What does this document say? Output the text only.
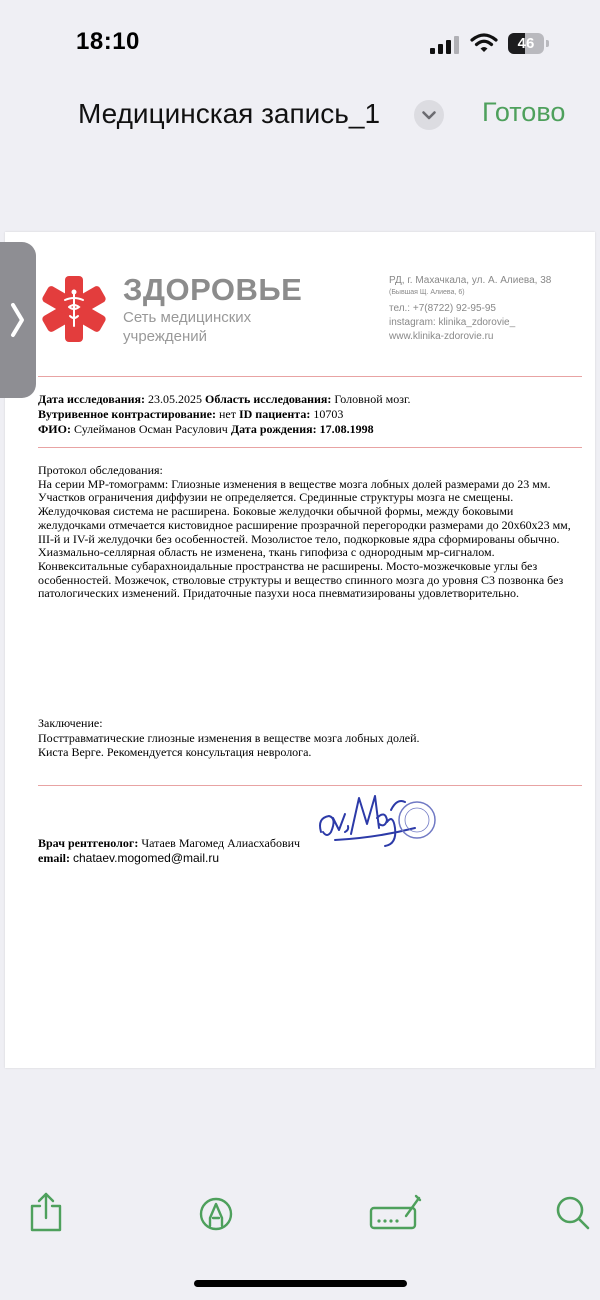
18:10	46
Медицинская запись_1	Готово
ЗДОРОВЬЕ
Сеть медицинских
учреждений
РД, г. Махачкала, ул. А. Алиева, 38
(Бывшая Щ. Алиева, 6)
тел.: +7(8722) 92-95-95
instagram: klinika_zdorovie_
www.klinika-zdorovie.ru
Дата исследования: 23.05.2025 Область исследования: Головной мозг.
Вутривенное контрастирование: нет ID пациента: 10703
ФИО: Сулейманов Осман Расулович Дата рождения: 17.08.1998
Протокол обследования:
На серии МР-томограмм: Глиозные изменения в веществе мозга лобных долей размерами до 23 мм.
Участков ограничения диффузии не определяется. Срединные структуры мозга не смещены.
Желудочковая система не расширена. Боковые желудочки обычной формы, между боковыми
желудочками отмечается кистовидное расширение прозрачной перегородки размерами до 20х60х23 мм,
III-й и IV-й желудочки без особенностей. Мозолистое тело, подкорковые ядра сформированы обычно.
Хиазмально-селлярная область не изменена, ткань гипофиза с однородным мр-сигналом.
Конвекситальные субарахноидальные пространства не расширены. Мосто-мозжечковые углы без
особенностей. Мозжечок, стволовые структуры и вещество спинного мозга до уровня С3 позвонка без
патологических изменений. Придаточные пазухи носа пневматизированы удовлетворительно.
Заключение:
Посттравматические глиозные изменения в веществе мозга лобных долей.
Киста Верге. Рекомендуется консультация невролога.
Врач рентгенолог: Чатаев Магомед Алиасхабович
email: chataev.mogomed@mail.ru
